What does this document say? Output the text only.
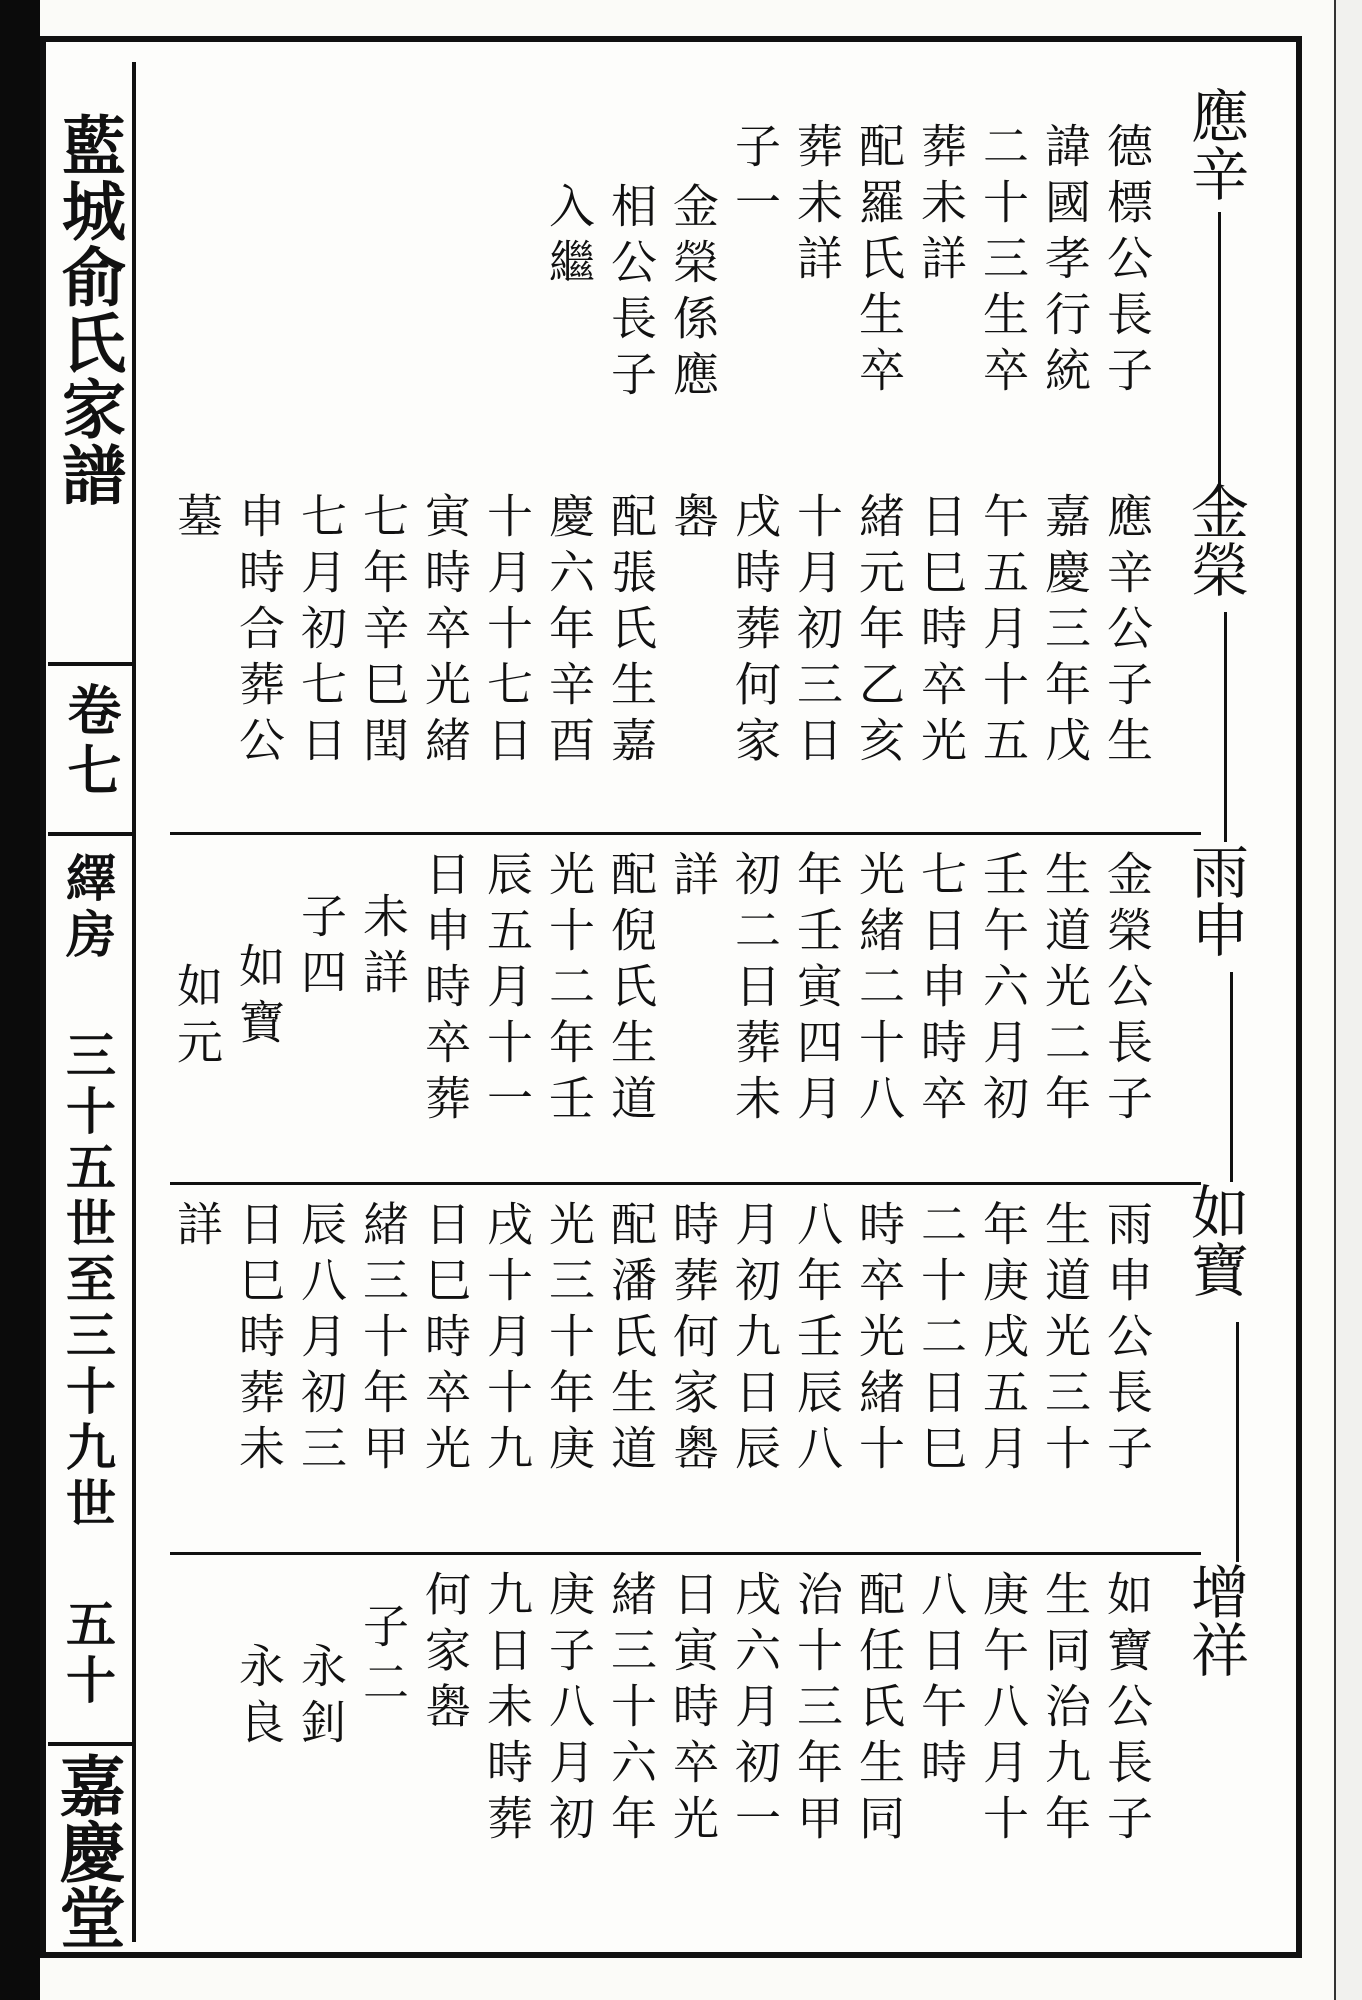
藍城俞氏家譜
卷七
繹房 三十五世至三十九世 五十
嘉慶堂
應辛
金榮
雨申
如寶
增祥
德標公長子
諱國孝行統
二十三生卒
葬未詳
配羅氏生卒
葬未詳
子一
金榮係應
相公長子
入繼
應辛公子生
嘉慶三年戊
午五月十五
日巳時卒光
緒元年乙亥
十月初三日
戌時葬何家
嶴
配張氏生嘉
慶六年辛酉
十月十七日
寅時卒光緒
七年辛巳閏
七月初七日
申時合葬公
墓
金榮公長子
生道光二年
壬午六月初
七日申時卒
光緒二十八
年壬寅四月
初二日葬未
詳
配倪氏生道
光十二年壬
辰五月十一
日申時卒葬
未詳
子四
如寶
如元
雨申公長子
生道光三十
年庚戌五月
二十二日巳
時卒光緒十
八年壬辰八
月初九日辰
時葬何家嶴
配潘氏生道
光三十年庚
戌十月十九
日巳時卒光
緒三十年甲
辰八月初三
日巳時葬未
詳
如寶公長子
生同治九年
庚午八月十
八日午時
配任氏生同
治十三年甲
戌六月初一
日寅時卒光
緒三十六年
庚子八月初
九日未時葬
何家嶴
子二
永釗
永良
